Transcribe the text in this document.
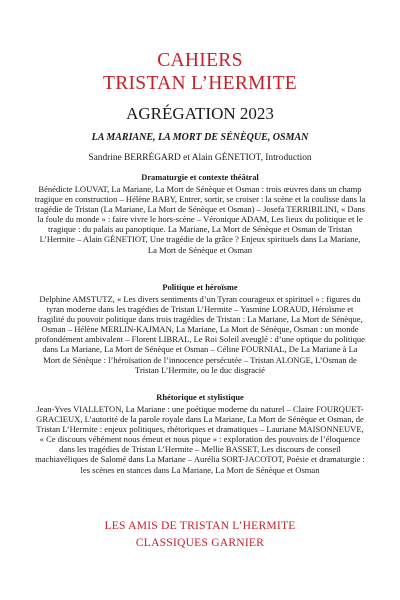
CAHIERS
TRISTAN L’HERMITE
AGRÉGATION 2023
LA MARIANE, LA MORT DE SÉNÈQUE, OSMAN
Sandrine BERRÉGARD et Alain GÉNETIOT, Introduction
Dramaturgie et contexte théâtral
Bénédicte LOUVAT, La Mariane, La Mort de Sénèque et Osman : trois œuvres dans un champ tragique en construction – Hélène BABY, Entrer, sortir, se croiser : la scène et la coulisse dans la tragédie de Tristan (La Mariane, La Mort de Sénèque et Osman) – Josefa TERRIBILINI, « Dans la foule du monde » : faire vivre le hors-scène – Véronique ADAM, Les lieux du politique et le tragique : du palais au panoptique. La Mariane, La Mort de Sénèque et Osman de Tristan L’Hermite – Alain GÉNETIOT, Une tragédie de la grâce ? Enjeux spirituels dans La Mariane, La Mort de Sénèque et Osman
Politique et héroïsme
Delphine AMSTUTZ, « Les divers sentiments d’un Tyran courageux et spirituel » : figures du tyran moderne dans les tragédies de Tristan L’Hermite – Yasmine LORAUD, Héroïsme et fragilité du pouvoir politique dans trois tragédies de Tristan : La Mariane, La Mort de Sénèque, Osman – Hélène MERLIN-KAJMAN, La Mariane, La Mort de Sénèque, Osman : un monde profondément ambivalent – Florent LIBRAL, Le Roi Soleil aveuglé : d’une optique du politique dans La Mariane, La Mort de Sénèque et Osman – Céline FOURNIAL, De La Mariane à La Mort de Sénèque : l’héroïsation de l’innocence persécutée – Tristan ALONGE, L’Osman de Tristan L’Hermite, ou le duc disgracié
Rhétorique et stylistique
Jean-Yves VIALLETON, La Mariane : une poétique moderne du naturel – Claire FOURQUET-GRACIEUX, L’autorité de la parole royale dans La Mariane, La Mort de Sénèque et Osman, de Tristan L’Hermite : enjeux politiques, rhétoriques et dramatiques – Lauriane MAISONNEUVE, « Ce discours véhément nous émeut et nous pique » : exploration des pouvoirs de l’éloquence dans les tragédies de Tristan L’Hermite – Mellie BASSET, Les discours de conseil machiavéliques de Salomé dans La Mariane – Aurélia SORT-JACOTOT, Poésie et dramaturgie : les scènes en stances dans La Mariane, La Mort de Sénèque et Osman
LES AMIS DE TRISTAN L’HERMITE
CLASSIQUES GARNIER
